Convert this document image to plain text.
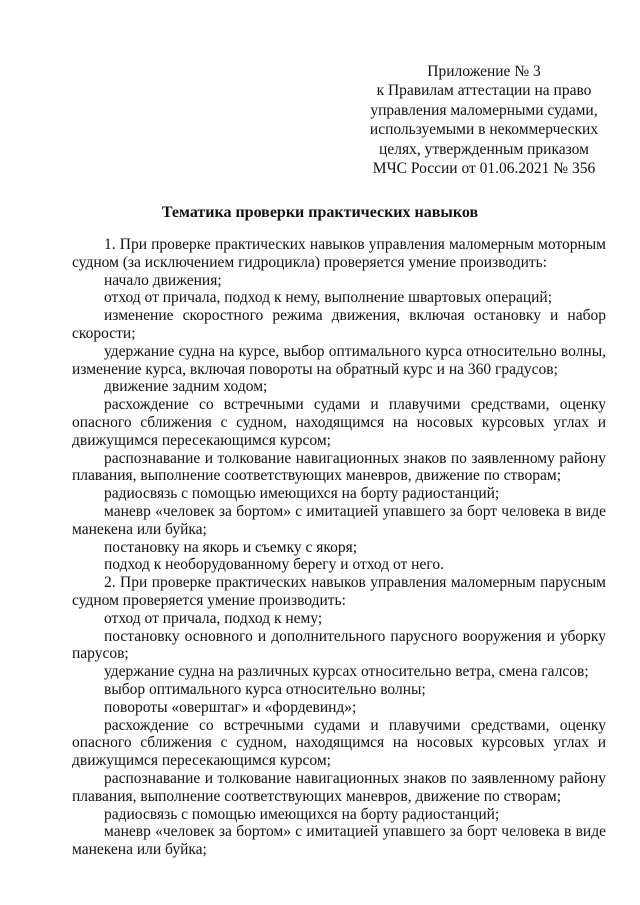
Приложение № 3
к Правилам аттестации на право
управления маломерными судами,
используемыми в некоммерческих
целях, утвержденным приказом
МЧС России от 01.06.2021 № 356
Тематика проверки практических навыков

1. При проверке практических навыков управления маломерным моторным судном (за исключением гидроцикла) проверяется умение производить:

начало движения;

отход от причала, подход к нему, выполнение швартовых операций;

изменение скоростного режима движения, включая остановку и набор скорости;

удержание судна на курсе, выбор оптимального курса относительно волны, изменение курса, включая повороты на обратный курс и на 360 градусов;

движение задним ходом;

расхождение со встречными судами и плавучими средствами, оценку опасного сближения с судном, находящимся на носовых курсовых углах и движущимся пересекающимся курсом;

распознавание и толкование навигационных знаков по заявленному району плавания, выполнение соответствующих маневров, движение по створам;

радиосвязь с помощью имеющихся на борту радиостанций;

маневр «человек за бортом» с имитацией упавшего за борт человека в виде манекена или буйка;

постановку на якорь и съемку с якоря;

подход к необорудованному берегу и отход от него.

2. При проверке практических навыков управления маломерным парусным судном проверяется умение производить:

отход от причала, подход к нему;

постановку основного и дополнительного парусного вооружения и уборку парусов;

удержание судна на различных курсах относительно ветра, смена галсов;

выбор оптимального курса относительно волны;

повороты «оверштаг» и «фордевинд»;

расхождение со встречными судами и плавучими средствами, оценку опасного сближения с судном, находящимся на носовых курсовых углах и движущимся пересекающимся курсом;

распознавание и толкование навигационных знаков по заявленному району плавания, выполнение соответствующих маневров, движение по створам;

радиосвязь с помощью имеющихся на борту радиостанций;

маневр «человек за бортом» с имитацией упавшего за борт человека в виде манекена или буйка;
